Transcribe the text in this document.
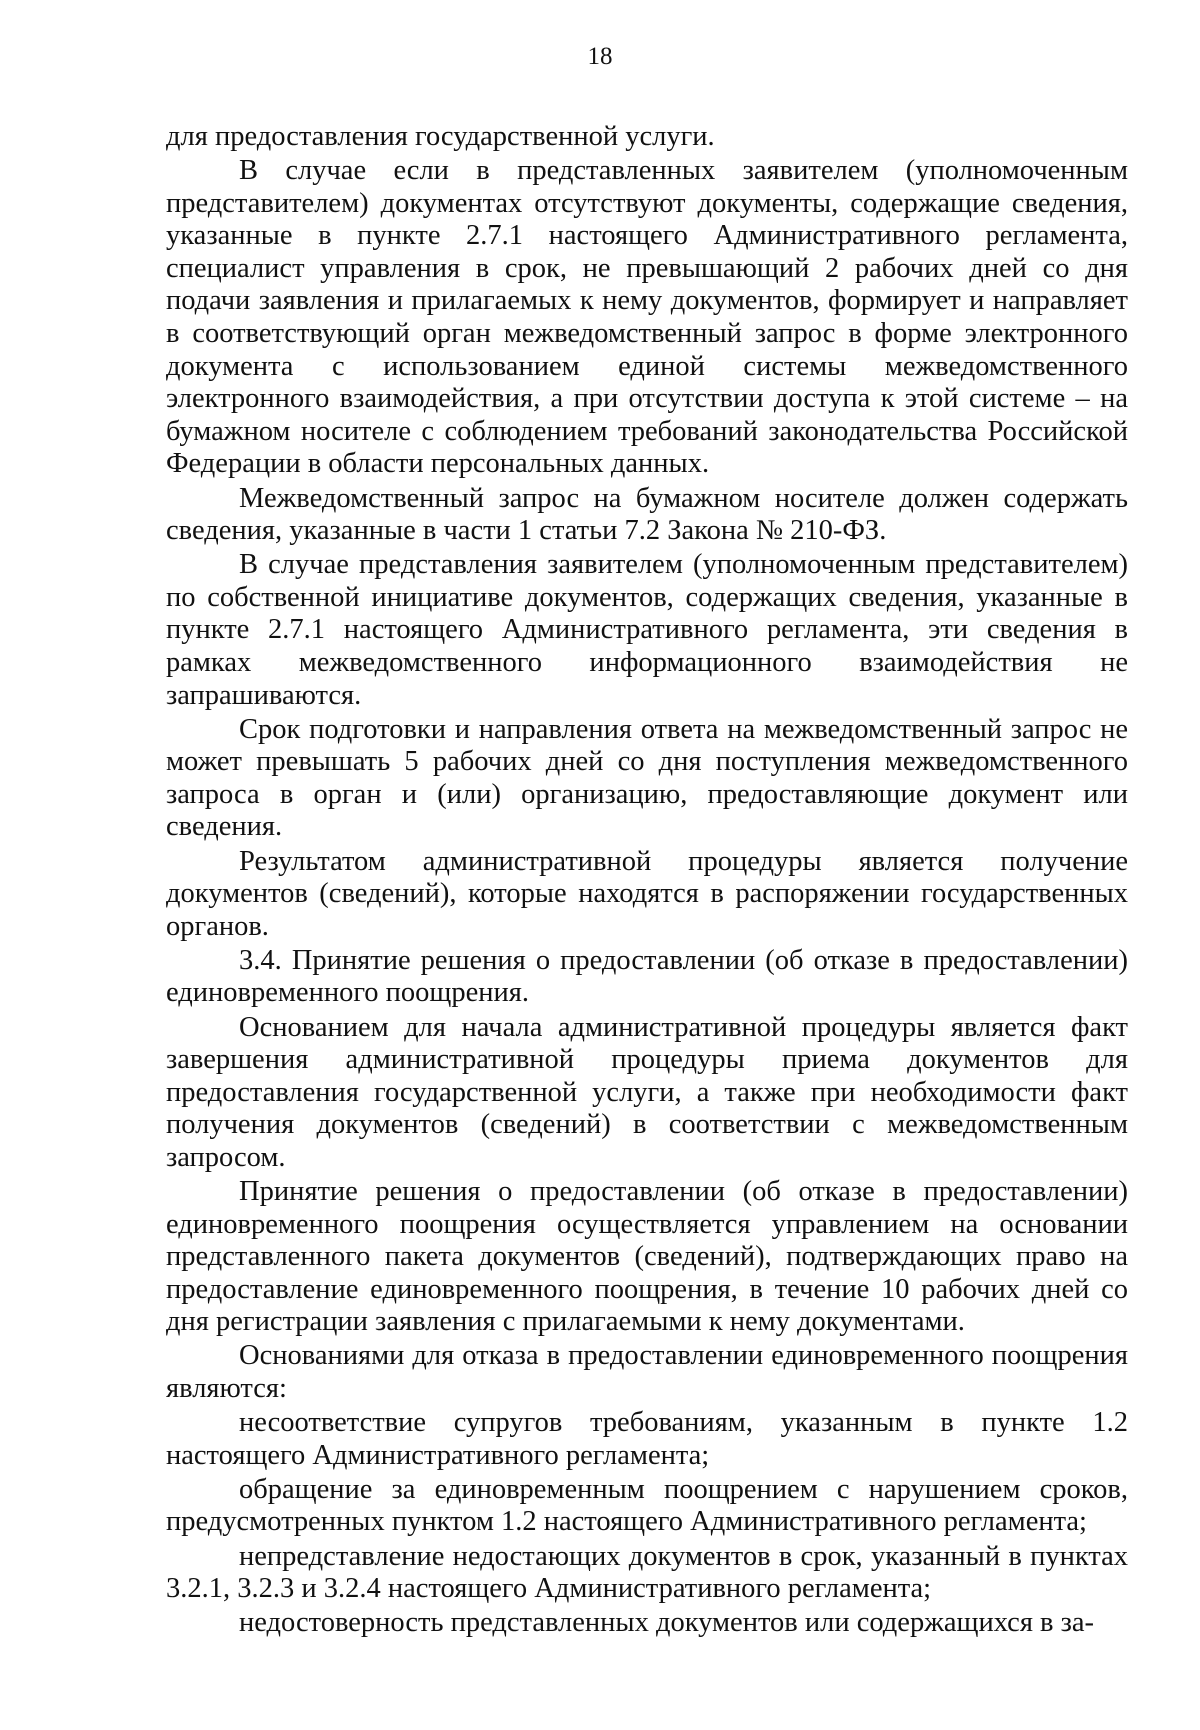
18

для предоставления государственной услуги.

В случае если в представленных заявителем (уполномоченным представителем) документах отсутствуют документы, содержащие сведения, указанные в пункте 2.7.1 настоящего Административного регламента, специалист управления в срок, не превышающий 2 рабочих дней со дня подачи заявления и прилагаемых к нему документов, формирует и направляет в соответствующий орган межведомственный запрос в форме электронного документа с использованием единой системы межведомственного электронного взаимодействия, а при отсутствии доступа к этой системе – на бумажном носителе с соблюдением требований законодательства Российской Федерации в области персональных данных.

Межведомственный запрос на бумажном носителе должен содержать сведения, указанные в части 1 статьи 7.2 Закона № 210-ФЗ.

В случае представления заявителем (уполномоченным представителем) по собственной инициативе документов, содержащих сведения, указанные в пункте 2.7.1 настоящего Административного регламента, эти сведения в рамках межведомственного информационного взаимодействия не запрашиваются.

Срок подготовки и направления ответа на межведомственный запрос не может превышать 5 рабочих дней со дня поступления межведомственного запроса в орган и (или) организацию, предоставляющие документ или сведения.

Результатом административной процедуры является получение документов (сведений), которые находятся в распоряжении государственных органов.

3.4. Принятие решения о предоставлении (об отказе в предоставлении) единовременного поощрения.

Основанием для начала административной процедуры является факт завершения административной процедуры приема документов для предоставления государственной услуги, а также при необходимости факт получения документов (сведений) в соответствии с межведомственным запросом.

Принятие решения о предоставлении (об отказе в предоставлении) единовременного поощрения осуществляется управлением на основании представленного пакета документов (сведений), подтверждающих право на предоставление единовременного поощрения, в течение 10 рабочих дней со дня регистрации заявления с прилагаемыми к нему документами.

Основаниями для отказа в предоставлении единовременного поощрения являются:

несоответствие супругов требованиям, указанным в пункте 1.2 настоящего Административного регламента;

обращение за единовременным поощрением с нарушением сроков, предусмотренных пунктом 1.2 настоящего Административного регламента;

непредставление недостающих документов в срок, указанный в пунктах 3.2.1, 3.2.3 и 3.2.4 настоящего Административного регламента;

недостоверность представленных документов или содержащихся в за-
